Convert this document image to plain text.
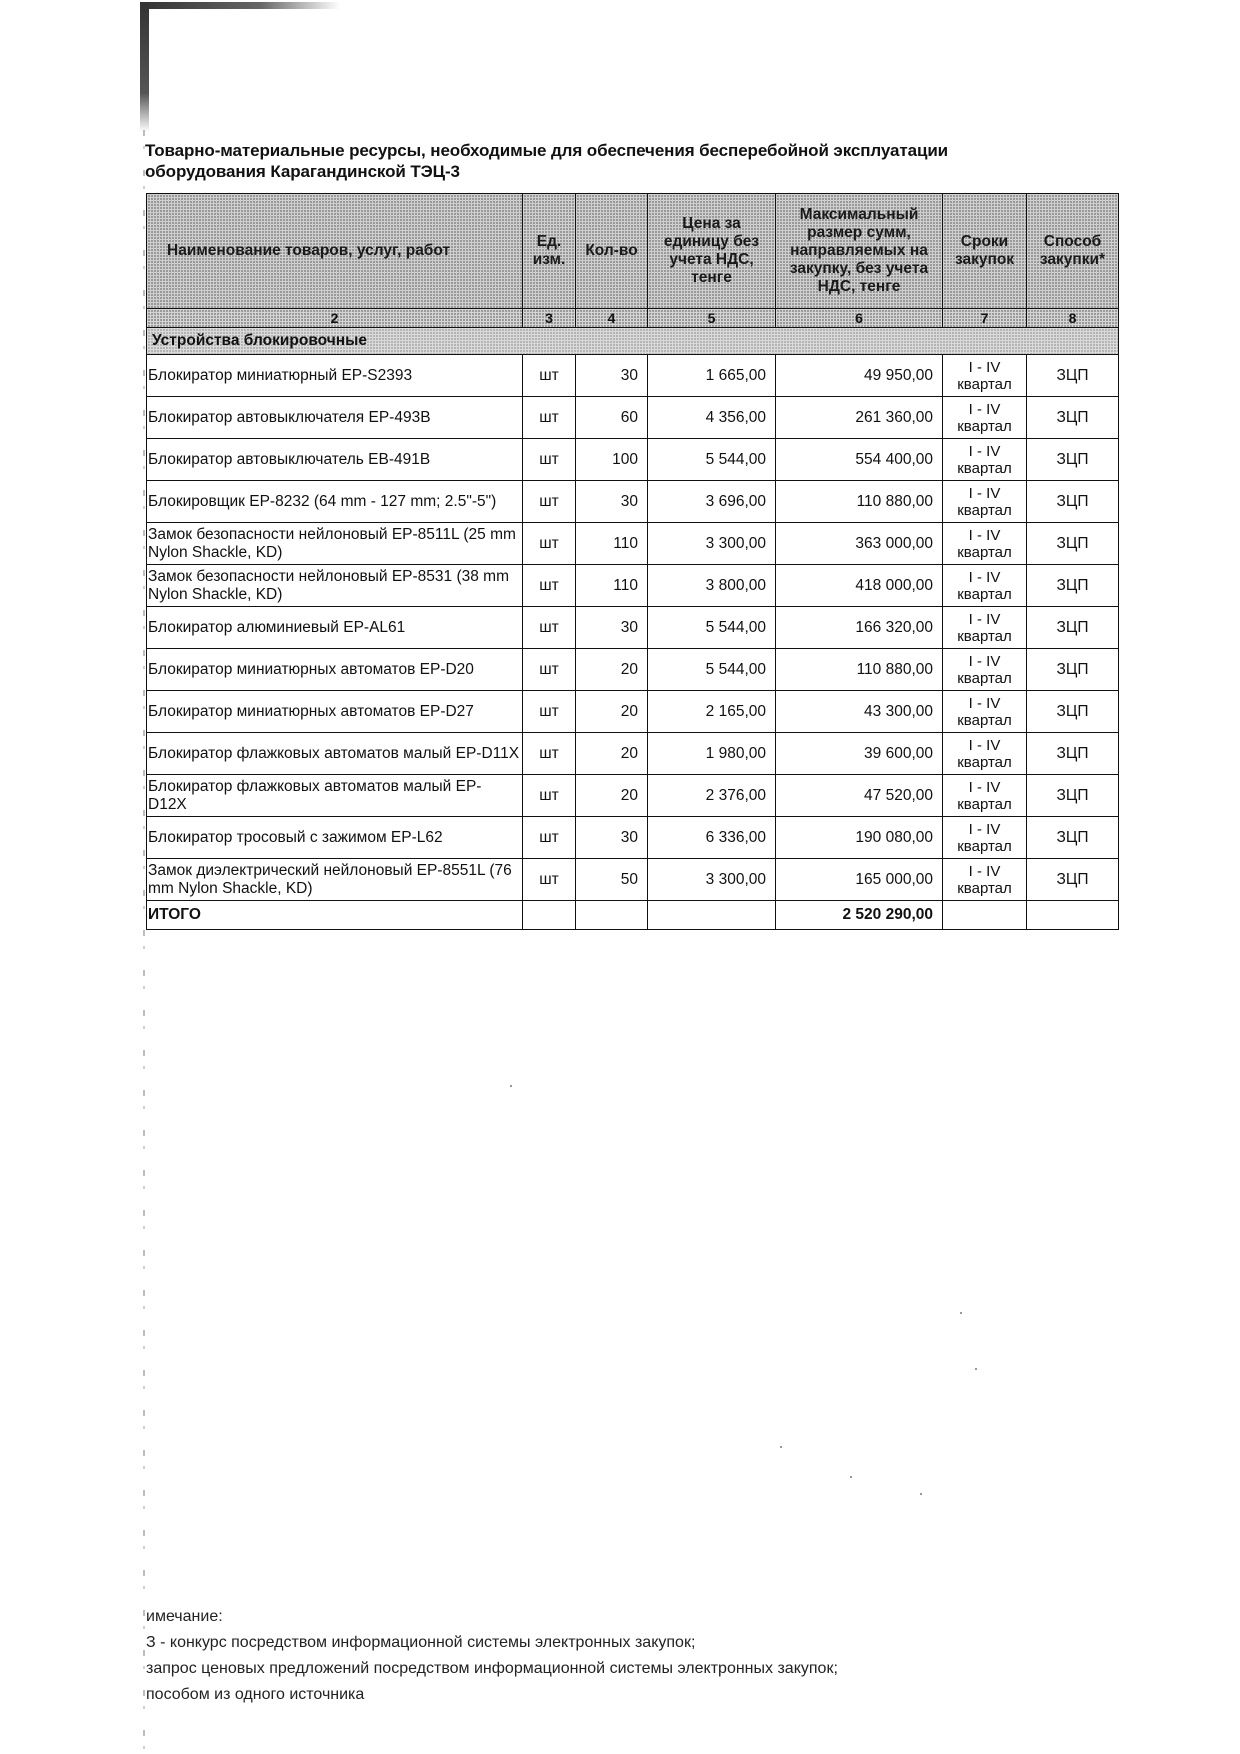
Товарно-материальные ресурсы, необходимые для обеспечения бесперебойной эксплуатации
оборудования Карагандинской ТЭЦ-3
Наименование товаров, услуг, работ	Ед. изм.	Кол-во	Цена за единицу без учета НДС, тенге	Максимальный размер сумм, направляемых на закупку, без учета НДС, тенге	Сроки закупок	Способ закупки*
2	3	4	5	6	7	8
Устройства блокировочные						
Блокиратор миниатюрный EP-S2393	шт	30	1 665,00	49 950,00	I - IV квартал	ЗЦП
Блокиратор автовыключателя EP-493B	шт	60	4 356,00	261 360,00	I - IV квартал	ЗЦП
Блокиратор автовыключатель EB-491B	шт	100	5 544,00	554 400,00	I - IV квартал	ЗЦП
Блокировщик EP-8232 (64 mm - 127 mm; 2.5"-5")	шт	30	3 696,00	110 880,00	I - IV квартал	ЗЦП
Замок безопасности нейлоновый EP-8511L (25 mm Nylon Shackle, KD)	шт	110	3 300,00	363 000,00	I - IV квартал	ЗЦП
Замок безопасности нейлоновый EP-8531 (38 mm Nylon Shackle, KD)	шт	110	3 800,00	418 000,00	I - IV квартал	ЗЦП
Блокиратор алюминиевый EP-AL61	шт	30	5 544,00	166 320,00	I - IV квартал	ЗЦП
Блокиратор миниатюрных автоматов EP-D20	шт	20	5 544,00	110 880,00	I - IV квартал	ЗЦП
Блокиратор миниатюрных автоматов EP-D27	шт	20	2 165,00	43 300,00	I - IV квартал	ЗЦП
Блокиратор флажковых автоматов малый EP-D11X	шт	20	1 980,00	39 600,00	I - IV квартал	ЗЦП
Блокиратор флажковых автоматов малый EP-D12X	шт	20	2 376,00	47 520,00	I - IV квартал	ЗЦП
Блокиратор тросовый с зажимом EP-L62	шт	30	6 336,00	190 080,00	I - IV квартал	ЗЦП
Замок диэлектрический нейлоновый EP-8551L (76 mm Nylon Shackle, KD)	шт	50	3 300,00	165 000,00	I - IV квартал	ЗЦП
ИТОГО				2 520 290,00		
имечание:
З - конкурс посредством информационной системы электронных закупок;
запрос ценовых предложений посредством информационной системы электронных закупок;
пособом из одного источника
